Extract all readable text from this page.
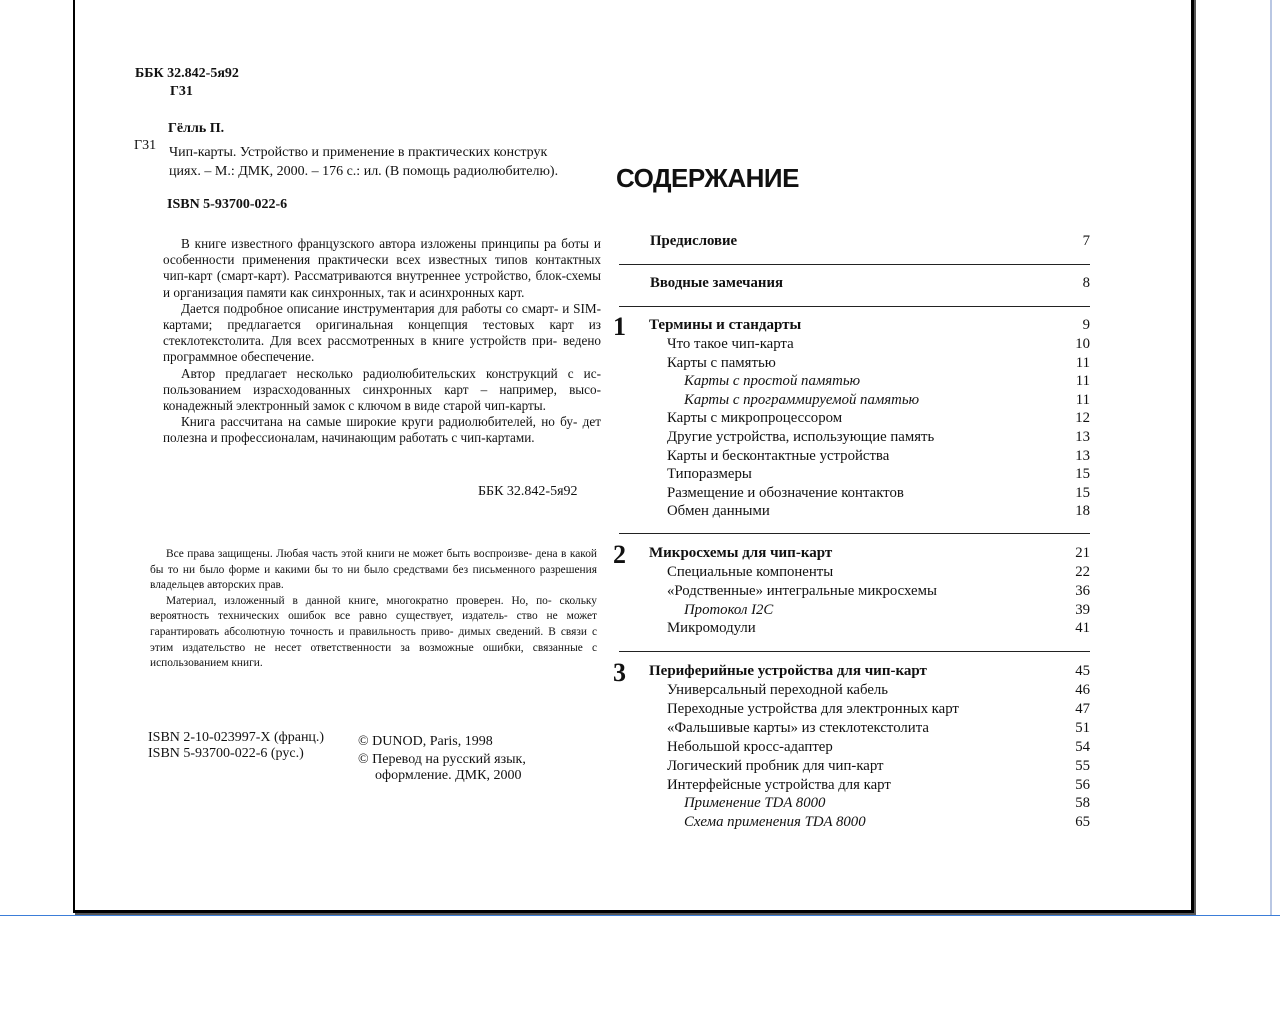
ББК 32.842-5я92
Г31
Гёлль П.
Г31 Чип-карты. Устройство и применение в практических конструк
циях. – М.: ДМК, 2000. – 176 с.: ил. (В помощь радиолюбителю).
ISBN 5-93700-022-6

В книге известного французского автора изложены принципы ра боты и особенности применения практически всех известных типов контактных чип-карт (смарт-карт). Рассматриваются внутреннее устройство, блок-схемы и организация памяти как синхронных, так и асинхронных карт.

Дается подробное описание инструментария для работы со смарт- и SIM-картами; предлагается оригинальная концепция тестовых карт из стеклотекстолита. Для всех рассмотренных в книге устройств при- ведено программное обеспечение.

Автор предлагает несколько радиолюбительских конструкций с ис- пользованием израсходованных синхронных карт – например, высо- конадежный электронный замок с ключом в виде старой чип-карты.

Книга рассчитана на самые широкие круги радиолюбителей, но бу- дет полезна и профессионалам, начинающим работать с чип-картами.

ББК 32.842-5я92

Все права защищены. Любая часть этой книги не может быть воспроизве- дена в какой бы то ни было форме и какими бы то ни было средствами без письменного разрешения владельцев авторских прав.

Материал, изложенный в данной книге, многократно проверен. Но, по- скольку вероятность технических ошибок все равно существует, издатель- ство не может гарантировать абсолютную точность и правильность приво- димых сведений. В связи с этим издательство не несет ответственности за возможные ошибки, связанные с использованием книги.

ISBN 2-10-023997-X (франц.)
ISBN 5-93700-022-6 (рус.)
© DUNOD, Paris, 1998
© Перевод на русский язык,
оформление. ДМК, 2000
СОДЕРЖАНИЕ
Предисловие	7
Вводные замечания	8
1 Термины и стандарты	9
Что такое чип-карта	10
Карты с памятью	11
Карты с простой памятью	11
Карты с программируемой памятью	11
Карты с микропроцессором	12
Другие устройства, использующие память	13
Карты и бесконтактные устройства	13
Типоразмеры	15
Размещение и обозначение контактов	15
Обмен данными	18
2 Микросхемы для чип-карт	21
Специальные компоненты	22
«Родственные» интегральные микросхемы	36
Протокол I2C	39
Микромодули	41
3 Периферийные устройства для чип-карт	45
Универсальный переходной кабель	46
Переходные устройства для электронных карт	47
«Фальшивые карты» из стеклотекстолита	51
Небольшой кросс-адаптер	54
Логический пробник для чип-карт	55
Интерфейсные устройства для карт	56
Применение TDA 8000	58
Схема применения TDA 8000	65
